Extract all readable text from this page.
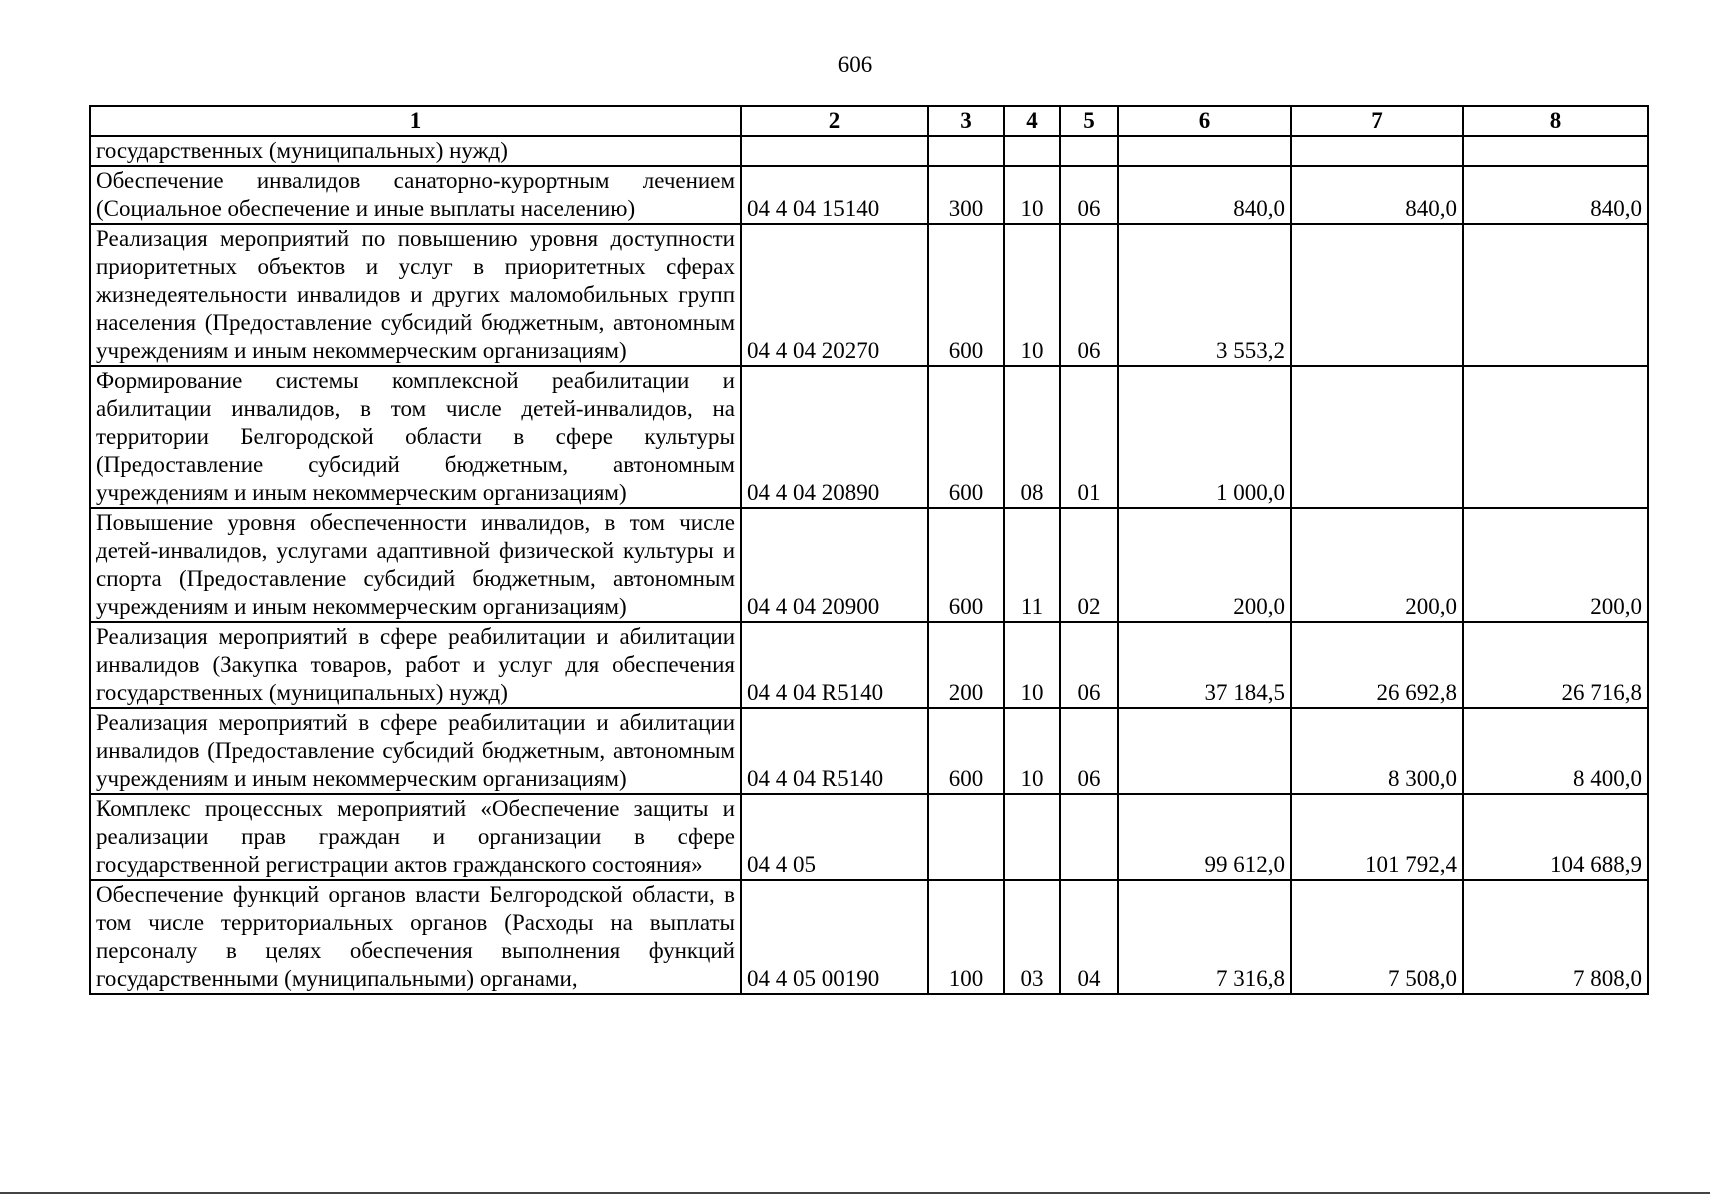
606
1	2	3	4	5	6	7	8
государственных (муниципальных) нужд)							
Обеспечение инвалидов санаторно-курортным лечением (Социальное обеспечение и иные выплаты населению)	04 4 04 15140	300	10	06	840,0	840,0	840,0
Реализация мероприятий по повышению уровня доступности приоритетных объектов и услуг в приоритетных сферах жизнедеятельности инвалидов и других маломобильных групп населения (Предоставление субсидий бюджетным, автономным учреждениям и иным некоммерческим организациям)	04 4 04 20270	600	10	06	3 553,2		
Формирование системы комплексной реабилитации и абилитации инвалидов, в том числе детей-инвалидов, на территории Белгородской области в сфере культуры (Предоставление субсидий бюджетным, автономным учреждениям и иным некоммерческим организациям)	04 4 04 20890	600	08	01	1 000,0		
Повышение уровня обеспеченности инвалидов, в том числе детей-инвалидов, услугами адаптивной физической культуры и спорта (Предоставление субсидий бюджетным, автономным учреждениям и иным некоммерческим организациям)	04 4 04 20900	600	11	02	200,0	200,0	200,0
Реализация мероприятий в сфере реабилитации и абилитации инвалидов (Закупка товаров, работ и услуг для обеспечения государственных (муниципальных) нужд)	04 4 04 R5140	200	10	06	37 184,5	26 692,8	26 716,8
Реализация мероприятий в сфере реабилитации и абилитации инвалидов (Предоставление субсидий бюджетным, автономным учреждениям и иным некоммерческим организациям)	04 4 04 R5140	600	10	06		8 300,0	8 400,0
Комплекс процессных мероприятий «Обеспечение защиты и реализации прав граждан и организации в сфере государственной регистрации актов гражданского состояния»	04 4 05				99 612,0	101 792,4	104 688,9
Обеспечение функций органов власти Белгородской области, в том числе территориальных органов (Расходы на выплаты персоналу в целях обеспечения выполнения функций государственными (муниципальными) органами,	04 4 05 00190	100	03	04	7 316,8	7 508,0	7 808,0
